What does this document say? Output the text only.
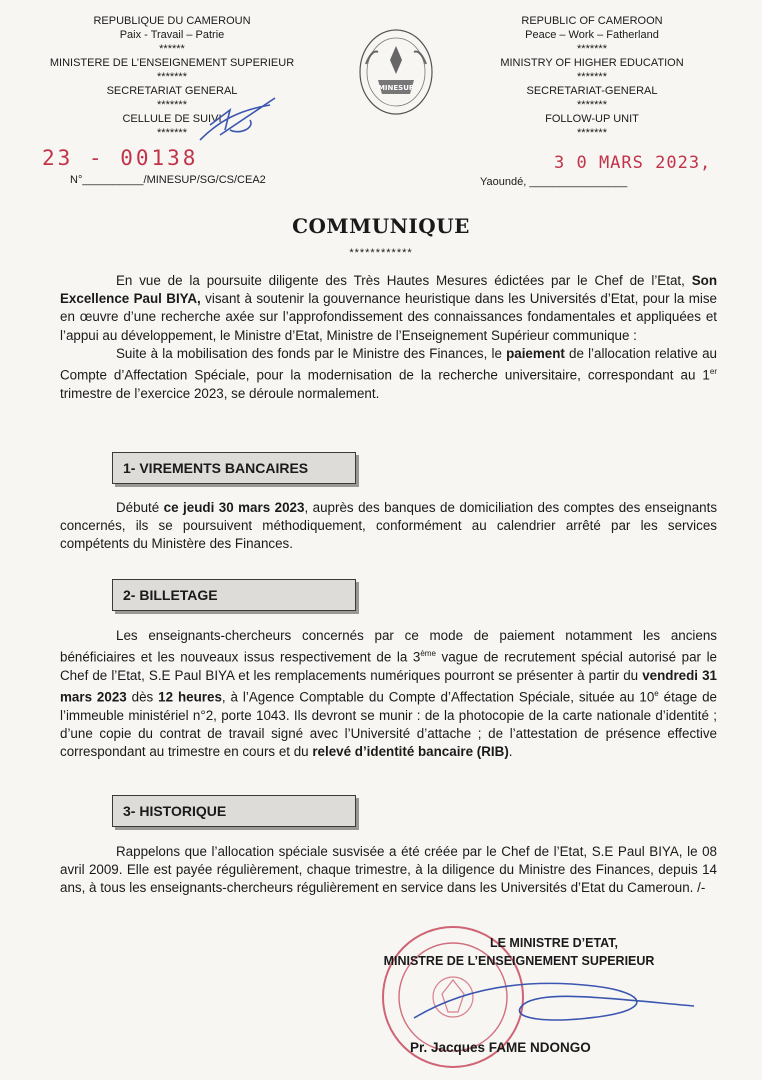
REPUBLIQUE DU CAMEROUN
Paix - Travail – Patrie
******
MINISTERE DE L’ENSEIGNEMENT SUPERIEUR
*******
SECRETARIAT GENERAL
*******
CELLULE DE SUIVI
*******
MINESUP
REPUBLIC OF CAMEROON
Peace – Work – Fatherland
*******
MINISTRY OF HIGHER EDUCATION
*******
SECRETARIAT-GENERAL
*******
FOLLOW-UP UNIT
*******
23 - 00138
N°__________/MINESUP/SG/CS/CEA2
3 0 MARS 2023,
Yaoundé, ________________
COMMUNIQUE
************

En vue de la poursuite diligente des Très Hautes Mesures édictées par le Chef de l’Etat, Son Excellence Paul BIYA, visant à soutenir la gouvernance heuristique dans les Universités d’Etat, pour la mise en œuvre d’une recherche axée sur l’approfondissement des connaissances fondamentales et appliquées et l’appui au développement, le Ministre d’Etat, Ministre de l’Enseignement Supérieur communique :

Suite à la mobilisation des fonds par le Ministre des Finances, le paiement de l’allocation relative au Compte d’Affectation Spéciale, pour la modernisation de la recherche universitaire, correspondant au 1er trimestre de l’exercice 2023, se déroule normalement.

1- VIREMENTS BANCAIRES

Débuté ce jeudi 30 mars 2023, auprès des banques de domiciliation des comptes des enseignants concernés, ils se poursuivent méthodiquement, conformément au calendrier arrêté par les services compétents du Ministère des Finances.

2- BILLETAGE

Les enseignants-chercheurs concernés par ce mode de paiement notamment les anciens bénéficiaires et les nouveaux issus respectivement de la 3ème vague de recrutement spécial autorisé par le Chef de l’Etat, S.E Paul BIYA et les remplacements numériques pourront se présenter à partir du vendredi 31 mars 2023 dès 12 heures, à l’Agence Comptable du Compte d’Affectation Spéciale, située au 10e étage de l’immeuble ministériel n°2, porte 1043. Ils devront se munir : de la photocopie de la carte nationale d’identité ; d’une copie du contrat de travail signé avec l’Université d’attache ; de l’attestation de présence effective correspondant au trimestre en cours et du relevé d’identité bancaire (RIB).

3- HISTORIQUE

Rappelons que l’allocation spéciale susvisée a été créée par le Chef de l’Etat, S.E Paul BIYA, le 08 avril 2009. Elle est payée régulièrement, chaque trimestre, à la diligence du Ministre des Finances, depuis 14 ans, à tous les enseignants-chercheurs régulièrement en service dans les Universités d’Etat du Cameroun. /-

LE MINISTRE D’ETAT,
MINISTRE DE L’ENSEIGNEMENT SUPERIEUR
Pr. Jacques FAME NDONGO
